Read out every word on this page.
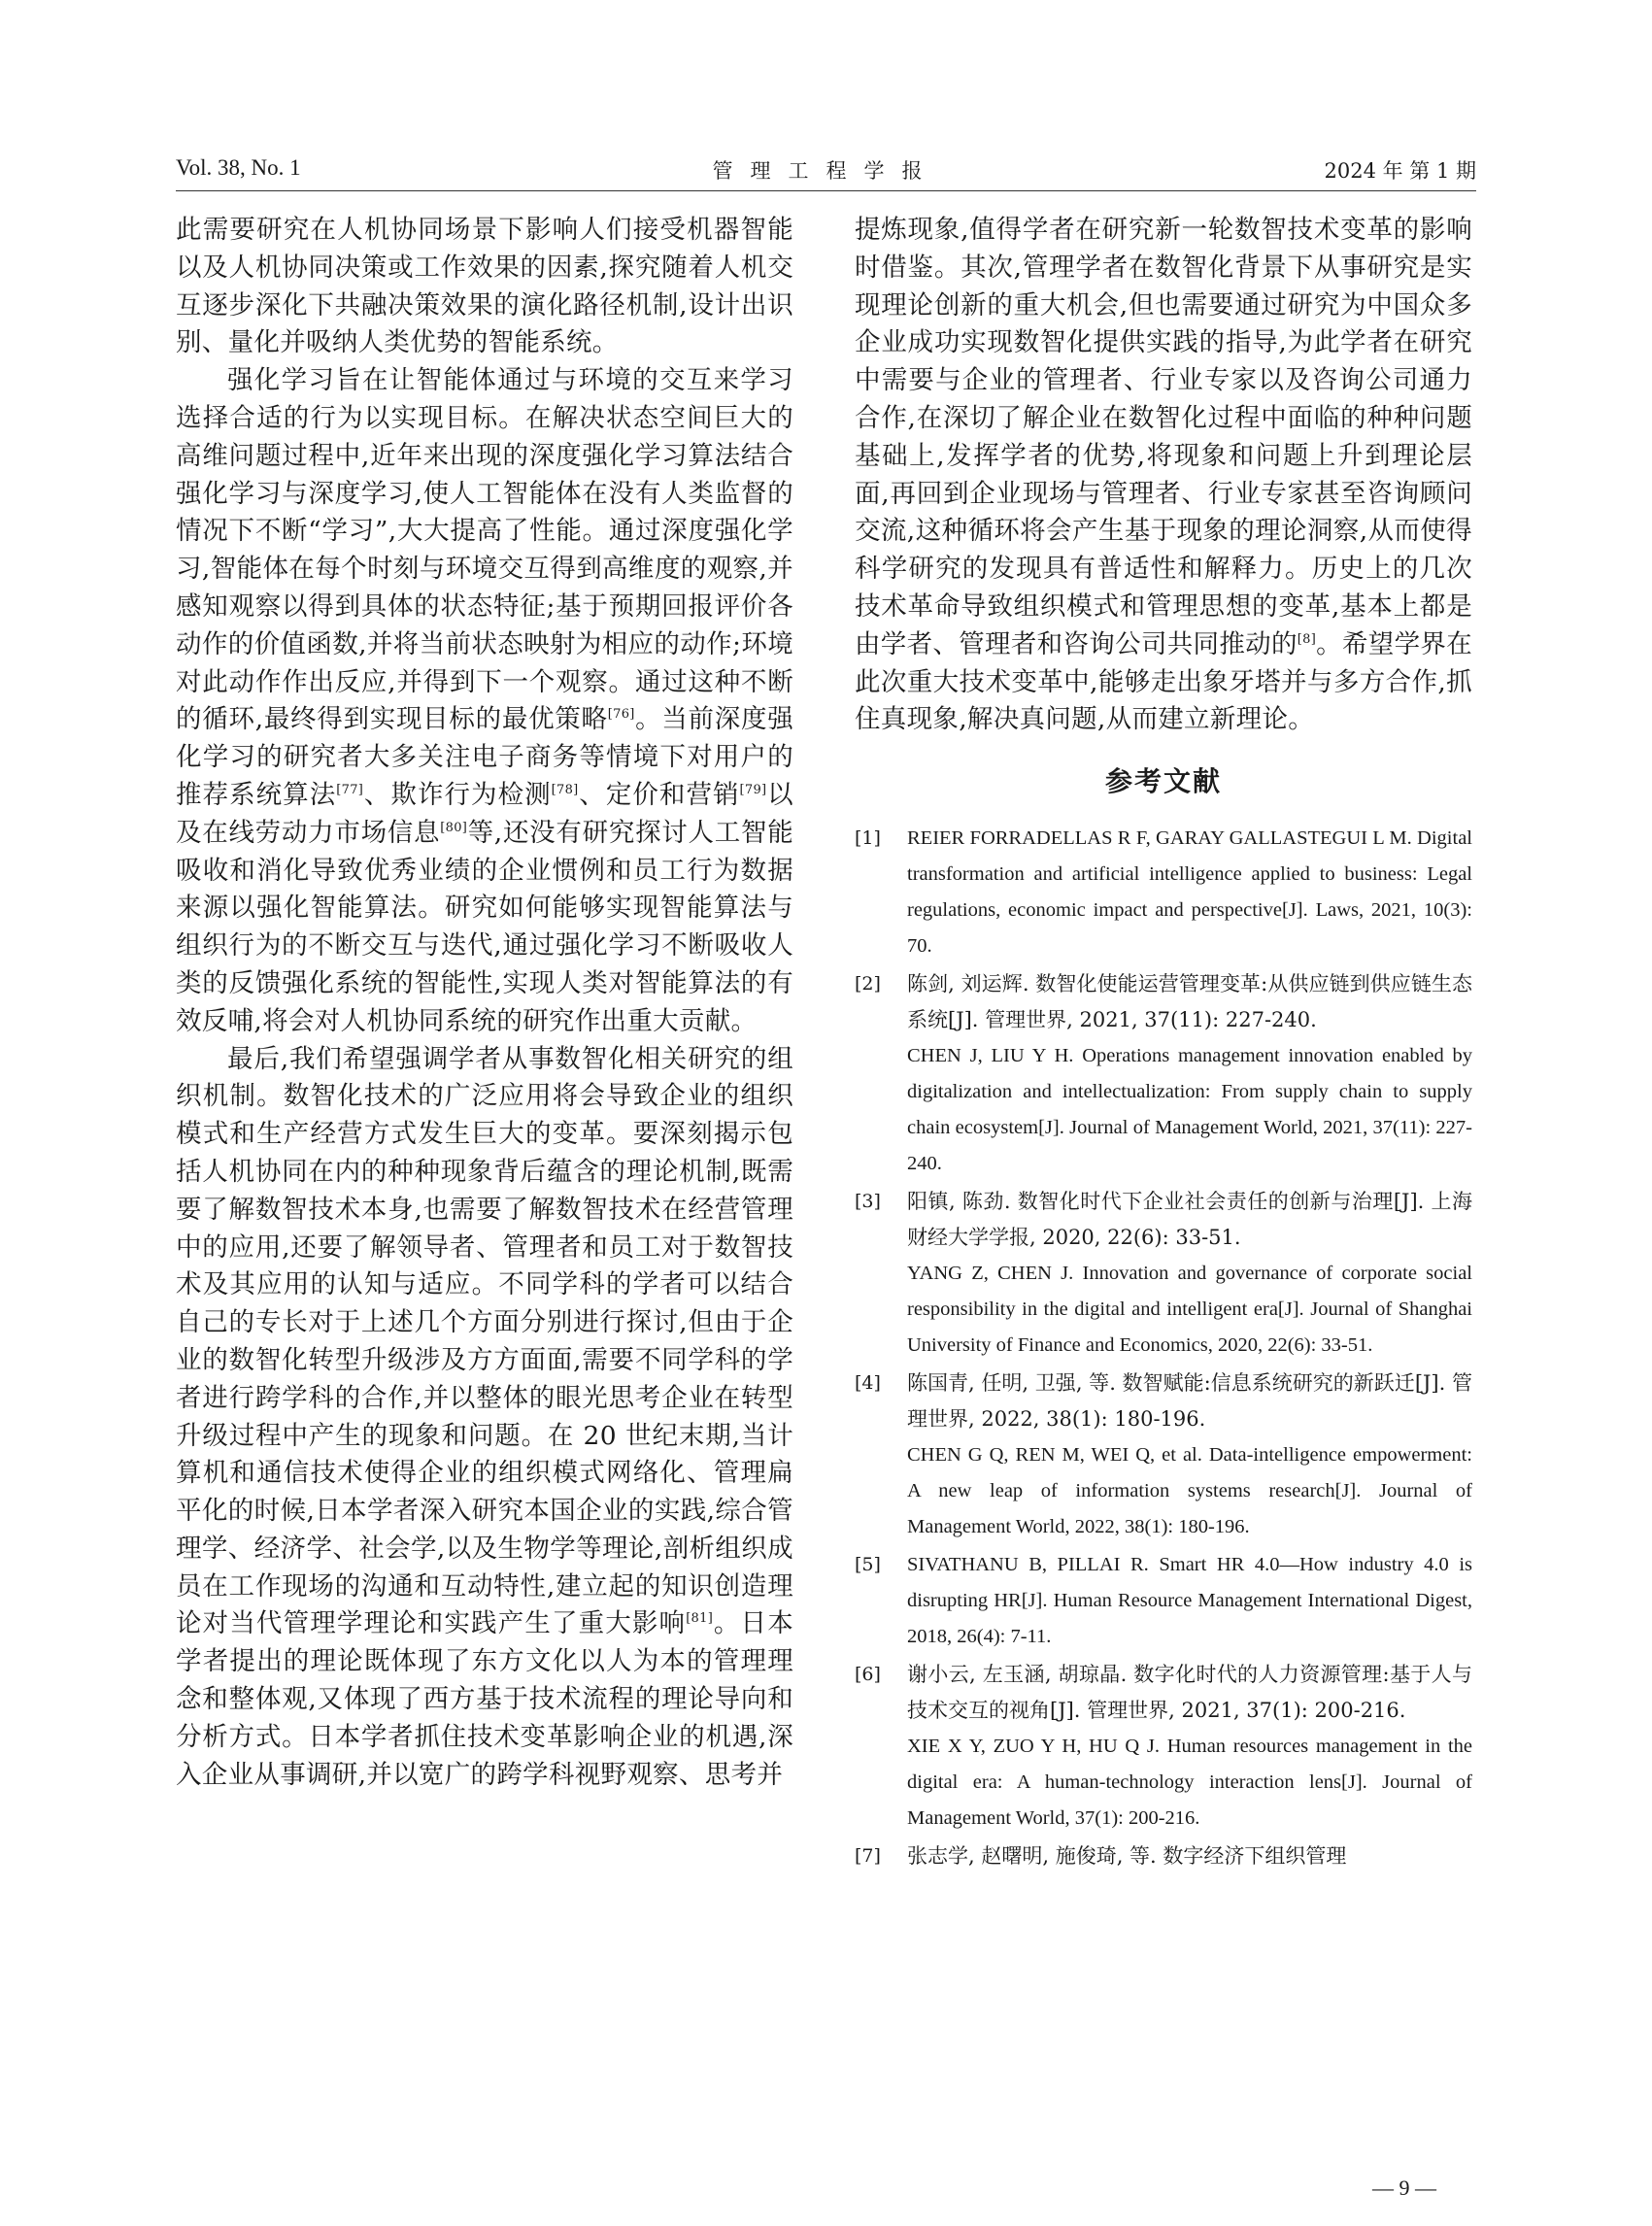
Vol. 38, No. 1	管理工程学报	2024 年 第 1 期

此需要研究在人机协同场景下影响人们接受机器智能以及人机协同决策或工作效果的因素,探究随着人机交互逐步深化下共融决策效果的演化路径机制,设计出识别、量化并吸纳人类优势的智能系统。

强化学习旨在让智能体通过与环境的交互来学习选择合适的行为以实现目标。在解决状态空间巨大的高维问题过程中,近年来出现的深度强化学习算法结合强化学习与深度学习,使人工智能体在没有人类监督的情况下不断“学习”,大大提高了性能。通过深度强化学习,智能体在每个时刻与环境交互得到高维度的观察,并感知观察以得到具体的状态特征;基于预期回报评价各动作的价值函数,并将当前状态映射为相应的动作;环境对此动作作出反应,并得到下一个观察。通过这种不断的循环,最终得到实现目标的最优策略[76]。当前深度强化学习的研究者大多关注电子商务等情境下对用户的推荐系统算法[77]、欺诈行为检测[78]、定价和营销[79]以及在线劳动力市场信息[80]等,还没有研究探讨人工智能吸收和消化导致优秀业绩的企业惯例和员工行为数据来源以强化智能算法。研究如何能够实现智能算法与组织行为的不断交互与迭代,通过强化学习不断吸收人类的反馈强化系统的智能性,实现人类对智能算法的有效反哺,将会对人机协同系统的研究作出重大贡献。

最后,我们希望强调学者从事数智化相关研究的组织机制。数智化技术的广泛应用将会导致企业的组织模式和生产经营方式发生巨大的变革。要深刻揭示包括人机协同在内的种种现象背后蕴含的理论机制,既需要了解数智技术本身,也需要了解数智技术在经营管理中的应用,还要了解领导者、管理者和员工对于数智技术及其应用的认知与适应。不同学科的学者可以结合自己的专长对于上述几个方面分别进行探讨,但由于企业的数智化转型升级涉及方方面面,需要不同学科的学者进行跨学科的合作,并以整体的眼光思考企业在转型升级过程中产生的现象和问题。在 20 世纪末期,当计算机和通信技术使得企业的组织模式网络化、管理扁平化的时候,日本学者深入研究本国企业的实践,综合管理学、经济学、社会学,以及生物学等理论,剖析组织成员在工作现场的沟通和互动特性,建立起的知识创造理论对当代管理学理论和实践产生了重大影响[81]。日本学者提出的理论既体现了东方文化以人为本的管理理念和整体观,又体现了西方基于技术流程的理论导向和分析方式。日本学者抓住技术变革影响企业的机遇,深入企业从事调研,并以宽广的跨学科视野观察、思考并

提炼现象,值得学者在研究新一轮数智技术变革的影响时借鉴。其次,管理学者在数智化背景下从事研究是实现理论创新的重大机会,但也需要通过研究为中国众多企业成功实现数智化提供实践的指导,为此学者在研究中需要与企业的管理者、行业专家以及咨询公司通力合作,在深切了解企业在数智化过程中面临的种种问题基础上,发挥学者的优势,将现象和问题上升到理论层面,再回到企业现场与管理者、行业专家甚至咨询顾问交流,这种循环将会产生基于现象的理论洞察,从而使得科学研究的发现具有普适性和解释力。历史上的几次技术革命导致组织模式和管理思想的变革,基本上都是由学者、管理者和咨询公司共同推动的[8]。希望学界在此次重大技术变革中,能够走出象牙塔并与多方合作,抓住真现象,解决真问题,从而建立新理论。

参考文献
[1] REIER FORRADELLAS R F, GARAY GALLASTEGUI L M. Digital transformation and artificial intelligence applied to business: Legal regulations, economic impact and perspective[J]. Laws, 2021, 10(3): 70.

[2] 陈剑, 刘运辉. 数智化使能运营管理变革:从供应链到供应链生态系统[J]. 管理世界, 2021, 37(11): 227-240.

CHEN J, LIU Y H. Operations management innovation enabled by digitalization and intellectualization: From supply chain to supply chain ecosystem[J]. Journal of Management World, 2021, 37(11): 227-240.

[3] 阳镇, 陈劲. 数智化时代下企业社会责任的创新与治理[J]. 上海财经大学学报, 2020, 22(6): 33-51.

YANG Z, CHEN J. Innovation and governance of corporate social responsibility in the digital and intelligent era[J]. Journal of Shanghai University of Finance and Economics, 2020, 22(6): 33-51.

[4] 陈国青, 任明, 卫强, 等. 数智赋能:信息系统研究的新跃迁[J]. 管理世界, 2022, 38(1): 180-196.

CHEN G Q, REN M, WEI Q, et al. Data-intelligence empowerment: A new leap of information systems research[J]. Journal of Management World, 2022, 38(1): 180-196.

[5] SIVATHANU B, PILLAI R. Smart HR 4.0—How industry 4.0 is disrupting HR[J]. Human Resource Management International Digest, 2018, 26(4): 7-11.

[6] 谢小云, 左玉涵, 胡琼晶. 数字化时代的人力资源管理:基于人与技术交互的视角[J]. 管理世界, 2021, 37(1): 200-216.

XIE X Y, ZUO Y H, HU Q J. Human resources management in the digital era: A human-technology interaction lens[J]. Journal of Management World, 37(1): 200-216.

[7] 张志学, 赵曙明, 施俊琦, 等. 数字经济下组织管理

— 9 —
